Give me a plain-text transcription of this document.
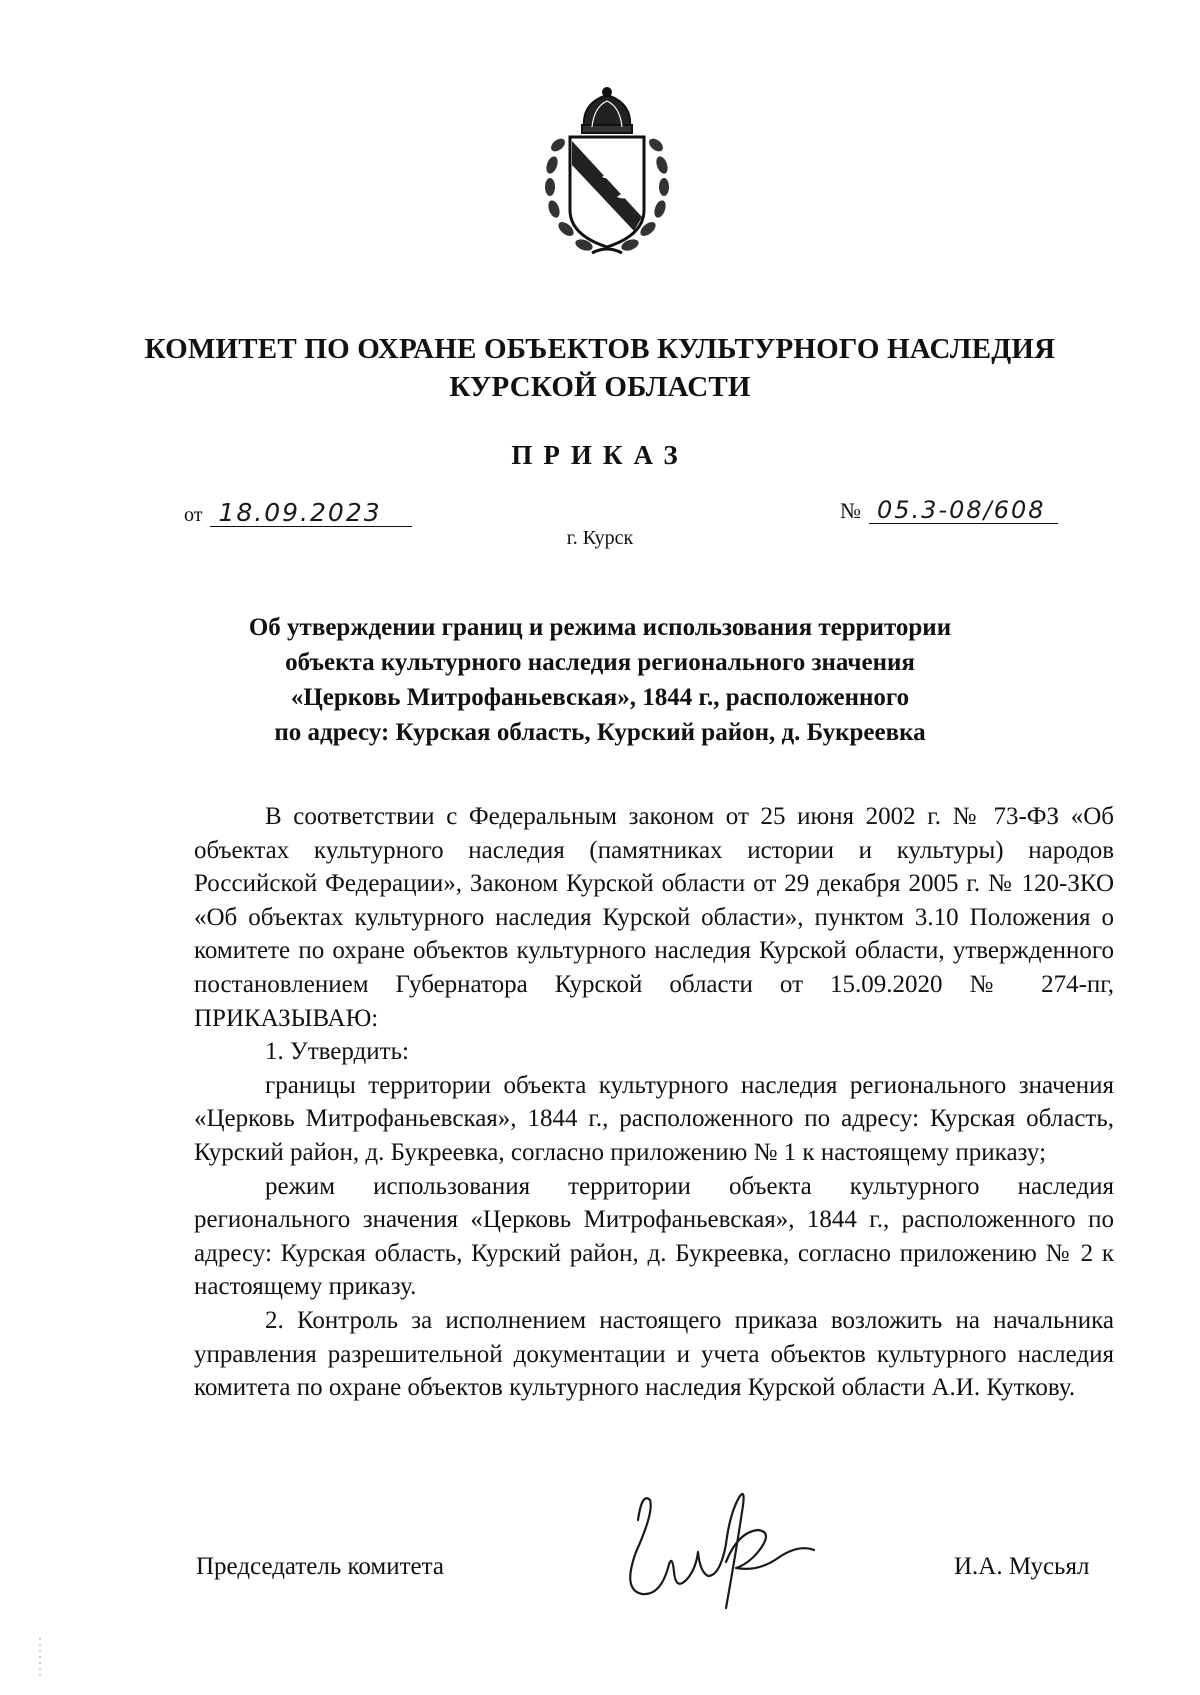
КОМИТЕТ ПО ОХРАНЕ ОБЪЕКТОВ КУЛЬТУРНОГО НАСЛЕДИЯ
КУРСКОЙ ОБЛАСТИ
ПРИКАЗ
от 18.09.2023	№ 05.3-08/608
г. Курск
Об утверждении границ и режима использования территории
объекта культурного наследия регионального значения
«Церковь Митрофаньевская», 1844 г., расположенного
по адресу: Курская область, Курский район, д. Букреевка

В соответствии с Федеральным законом от 25 июня 2002 г. № 73-ФЗ «Об объектах культурного наследия (памятниках истории и культуры) народов Российской Федерации», Законом Курской области от 29 декабря 2005 г. № 120-ЗКО «Об объектах культурного наследия Курской области», пунктом 3.10 Положения о комитете по охране объектов культурного наследия Курской области, утвержденного постановлением Губернатора Курской области от 15.09.2020 № 274-пг, ПРИКАЗЫВАЮ:

1. Утвердить:

границы территории объекта культурного наследия регионального значения «Церковь Митрофаньевская», 1844 г., расположенного по адресу: Курская область, Курский район, д. Букреевка, согласно приложению № 1 к настоящему приказу;

режим использования территории объекта культурного наследия регионального значения «Церковь Митрофаньевская», 1844 г., расположенного по адресу: Курская область, Курский район, д. Букреевка, согласно приложению № 2 к настоящему приказу.

2. Контроль за исполнением настоящего приказа возложить на начальника управления разрешительной документации и учета объектов культурного наследия комитета по охране объектов культурного наследия Курской области А.И. Куткову.

Председатель комитета	И.А. Мусьял
